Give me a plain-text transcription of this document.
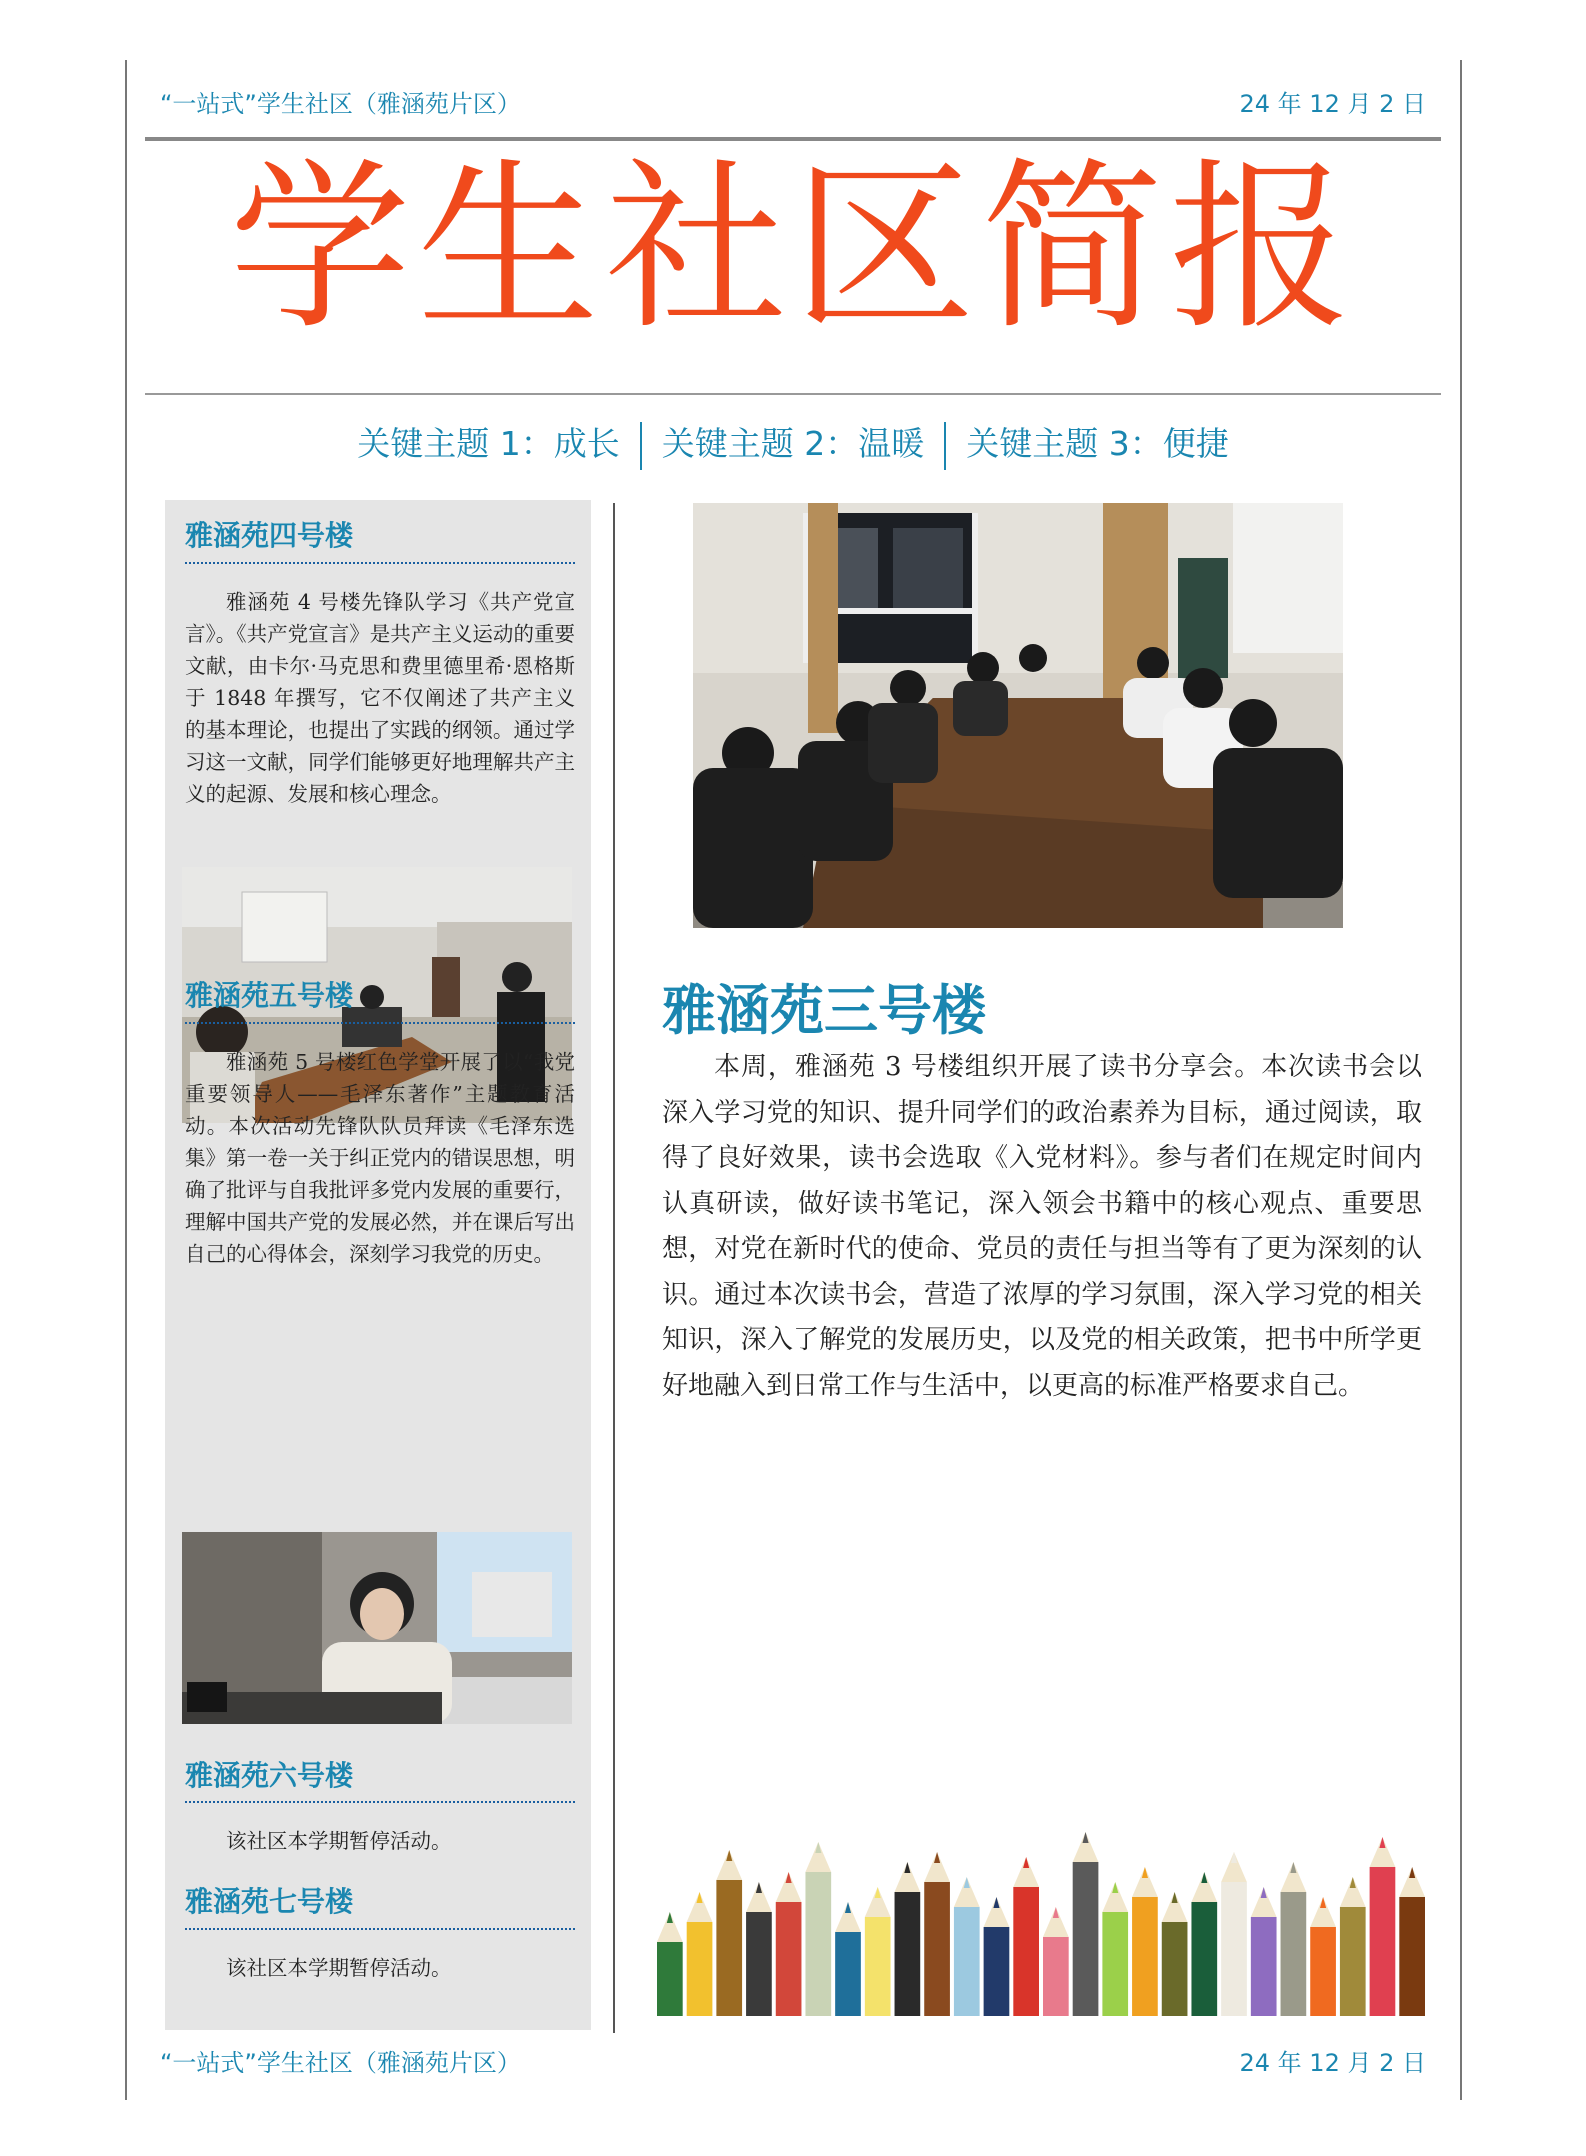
“一站式”学生社区（雅涵苑片区）	24 年 12 月 2 日
学生社区简报
关键主题 1：成长 关键主题 2：温暖 关键主题 3：便捷
雅涵苑四号楼
雅涵苑 4 号楼先锋队学习《共产党宣言》。《共产党宣言》是共产主义运动的重要文献，由卡尔·马克思和费里德里希·恩格斯于 1848 年撰写，它不仅阐述了共产主义的基本理论，也提出了实践的纲领。通过学习这一文献，同学们能够更好地理解共产主义的起源、发展和核心理念。
雅涵苑五号楼
雅涵苑 5 号楼红色学堂开展了以“我党重要领导人——毛泽东著作”主题教育活动。本次活动先锋队队员拜读《毛泽东选集》第一卷一关于纠正党内的错误思想，明确了批评与自我批评多党内发展的重要行，理解中国共产党的发展必然，并在课后写出自己的心得体会，深刻学习我党的历史。
雅涵苑六号楼
该社区本学期暂停活动。
雅涵苑七号楼
该社区本学期暂停活动。
雅涵苑三号楼
本周，雅涵苑 3 号楼组织开展了读书分享会。本次读书会以深入学习党的知识、提升同学们的政治素养为目标，通过阅读，取得了良好效果，读书会选取《入党材料》。参与者们在规定时间内认真研读，做好读书笔记，深入领会书籍中的核心观点、重要思想，对党在新时代的使命、党员的责任与担当等有了更为深刻的认识。通过本次读书会，营造了浓厚的学习氛围，深入学习党的相关知识，深入了解党的发展历史，以及党的相关政策，把书中所学更好地融入到日常工作与生活中，以更高的标准严格要求自己。
“一站式”学生社区（雅涵苑片区）	24 年 12 月 2 日
